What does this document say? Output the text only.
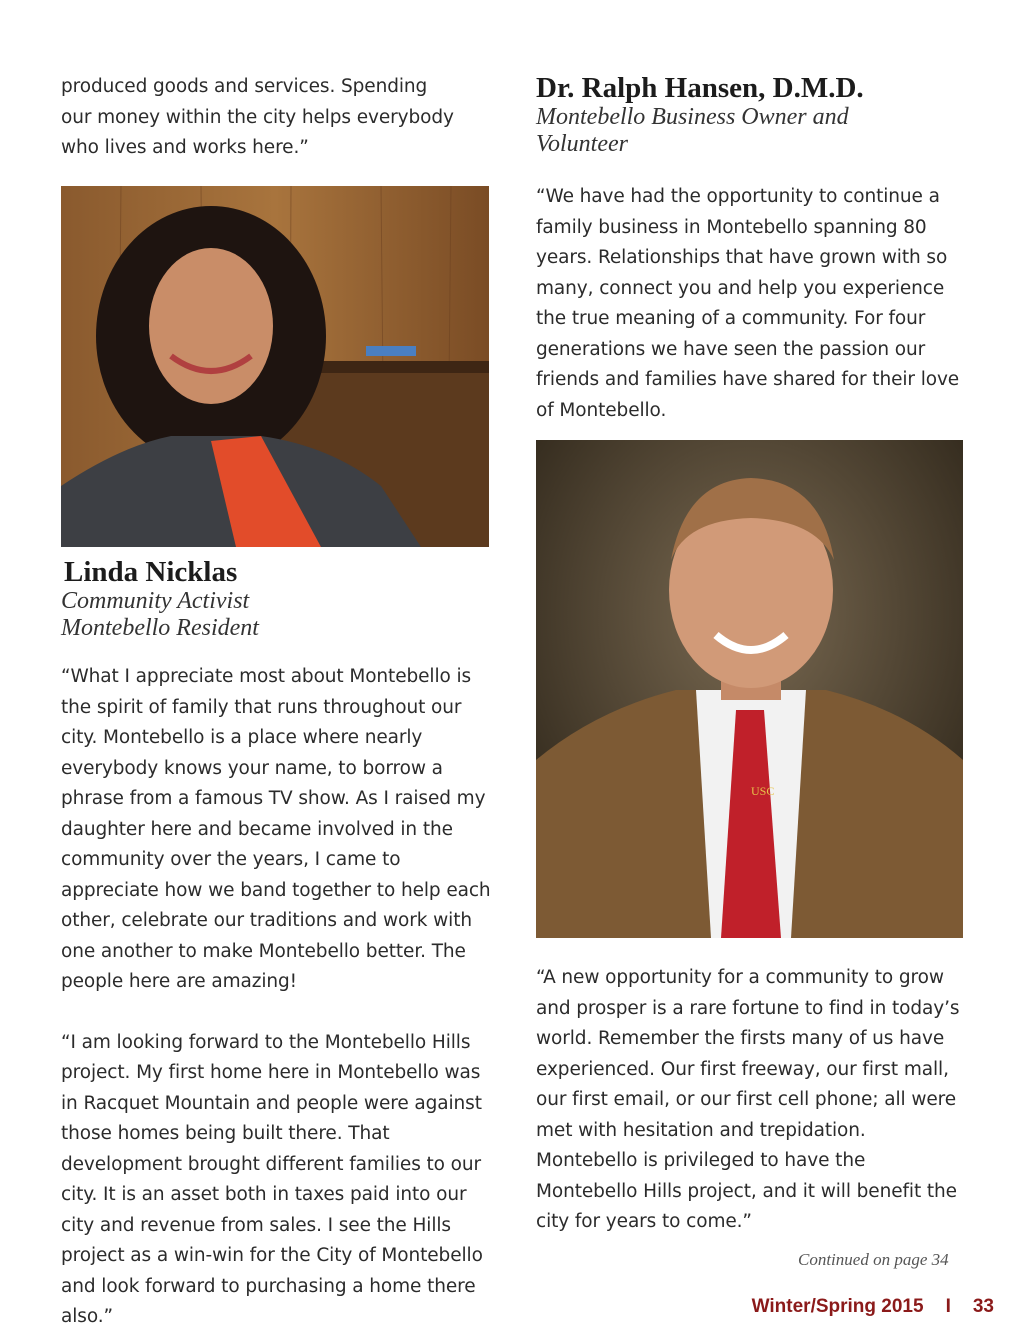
produced goods and services. Spending our money within the city helps everybody who lives and works here.”

Linda Nicklas

Community Activist

Montebello Resident

“What I appreciate most about Montebello is the spirit of family that runs throughout our city. Montebello is a place where nearly everybody knows your name, to borrow a phrase from a famous TV show. As I raised my daughter here and became involved in the community over the years, I came to appreciate how we band together to help each other, celebrate our traditions and work with one another to make Montebello better. The people here are amazing!

“I am looking forward to the Montebello Hills project. My first home here in Montebello was in Racquet Mountain and people were against those homes being built there. That development brought different families to our city. It is an asset both in taxes paid into our city and revenue from sales. I see the Hills project as a win-win for the City of Montebello and look forward to purchasing a home there also.”

Dr. Ralph Hansen, D.M.D.

Montebello Business Owner and Volunteer

“We have had the opportunity to continue a family business in Montebello spanning 80 years. Relationships that have grown with so many, connect you and help you experience the true meaning of a community. For four generations we have seen the passion our friends and families have shared for their love of Montebello.

USC

“A new opportunity for a community to grow and prosper is a rare fortune to find in today’s world. Remember the firsts many of us have experienced. Our first freeway, our first mall, our first email, or our first cell phone; all were met with hesitation and trepidation. Montebello is privileged to have the Montebello Hills project, and it will benefit the city for years to come.”

Continued on page 34
Winter/Spring 2015 I 33
